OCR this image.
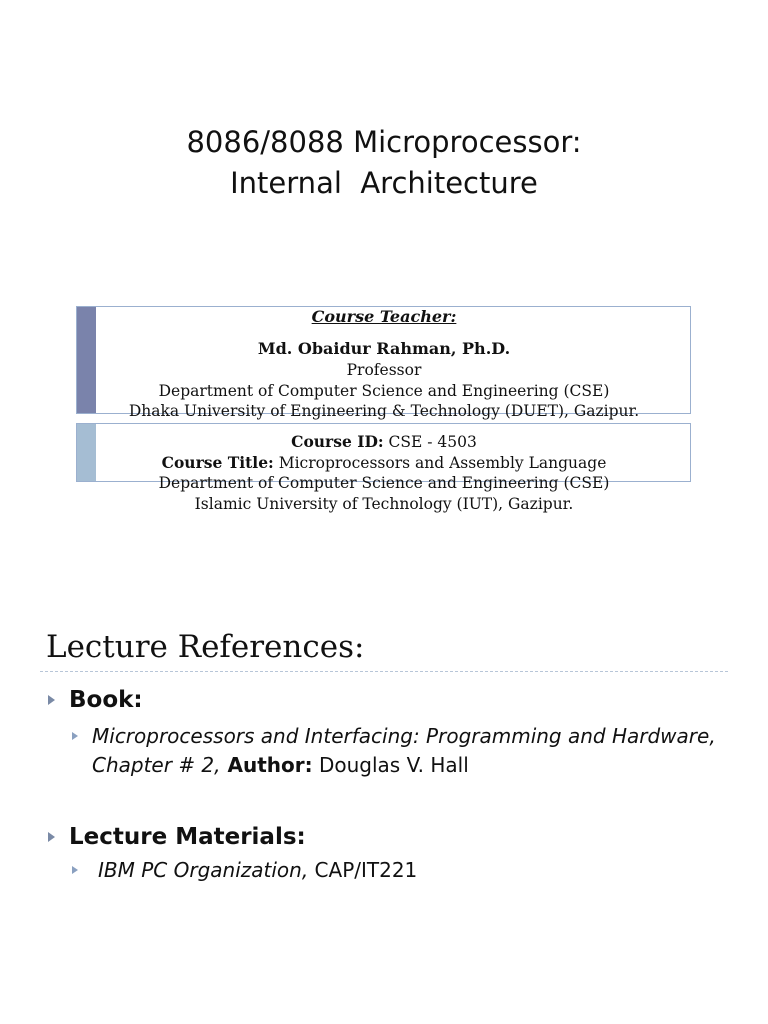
8086/8088 Microprocessor:
Internal  Architecture
Course Teacher:
Md. Obaidur Rahman, Ph.D.
Professor
Department of Computer Science and Engineering (CSE)
Dhaka University of Engineering & Technology (DUET), Gazipur.
Course ID: CSE - 4503
Course Title: Microprocessors and Assembly Language
Department of Computer Science and Engineering (CSE)
Islamic University of Technology (IUT), Gazipur.
Lecture References:
Book:
Microprocessors and Interfacing: Programming and Hardware,
Chapter # 2, Author: Douglas V. Hall
Lecture Materials:
IBM PC Organization, CAP/IT221
